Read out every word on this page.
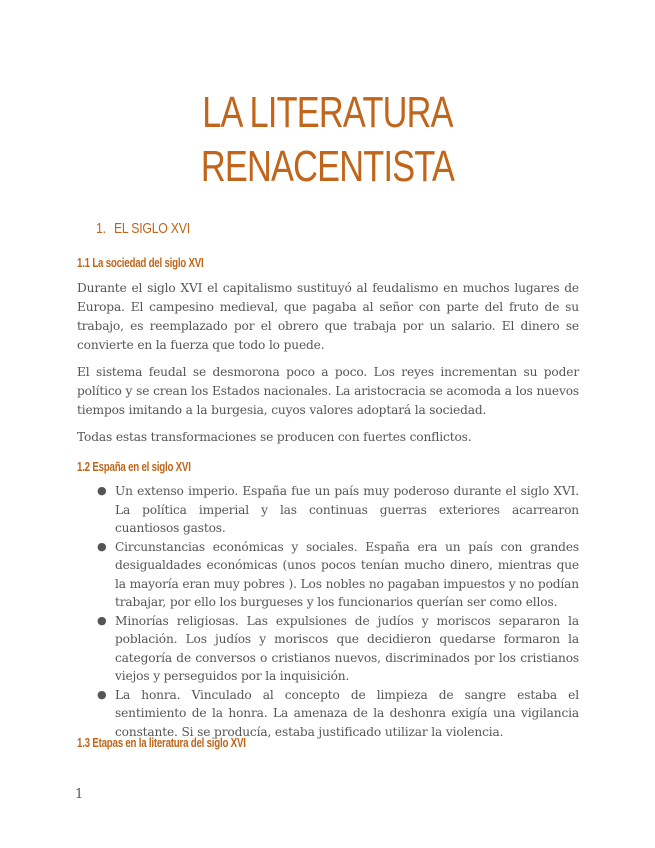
LA LITERATURA
RENACENTISTA
1. EL SIGLO XVI
1.1 La sociedad del siglo XVI
Durante el siglo XVI el capitalismo sustituyó al feudalismo en muchos lugares de Europa. El campesino medieval, que pagaba al señor con parte del fruto de su trabajo, es reemplazado por el obrero que trabaja por un salario. El dinero se convierte en la fuerza que todo lo puede.
El sistema feudal se desmorona poco a poco. Los reyes incrementan su poder político y se crean los Estados nacionales. La aristocracia se acomoda a los nuevos tiempos imitando a la burgesia, cuyos valores adoptará la sociedad.
Todas estas transformaciones se producen con fuertes conflictos.
1.2 España en el siglo XVI
● Un extenso imperio. España fue un país muy poderoso durante el siglo XVI. La política imperial y las continuas guerras exteriores acarrearon cuantiosos gastos.
● Circunstancias económicas y sociales. España era un país con grandes desigualdades económicas (unos pocos tenían mucho dinero, mientras que la mayoría eran muy pobres ). Los nobles no pagaban impuestos y no podían trabajar, por ello los burgueses y los funcionarios querían ser como ellos.
● Minorías religiosas. Las expulsiones de judíos y moriscos separaron la población. Los judíos y moriscos que decidieron quedarse formaron la categoría de conversos o cristianos nuevos, discriminados por los cristianos viejos y perseguidos por la inquisición.
● La honra. Vinculado al concepto de limpieza de sangre estaba el sentimiento de la honra. La amenaza de la deshonra exigía una vigilancia constante. Si se producía, estaba justificado utilizar la violencia.
1.3 Etapas en la literatura del siglo XVI
1
